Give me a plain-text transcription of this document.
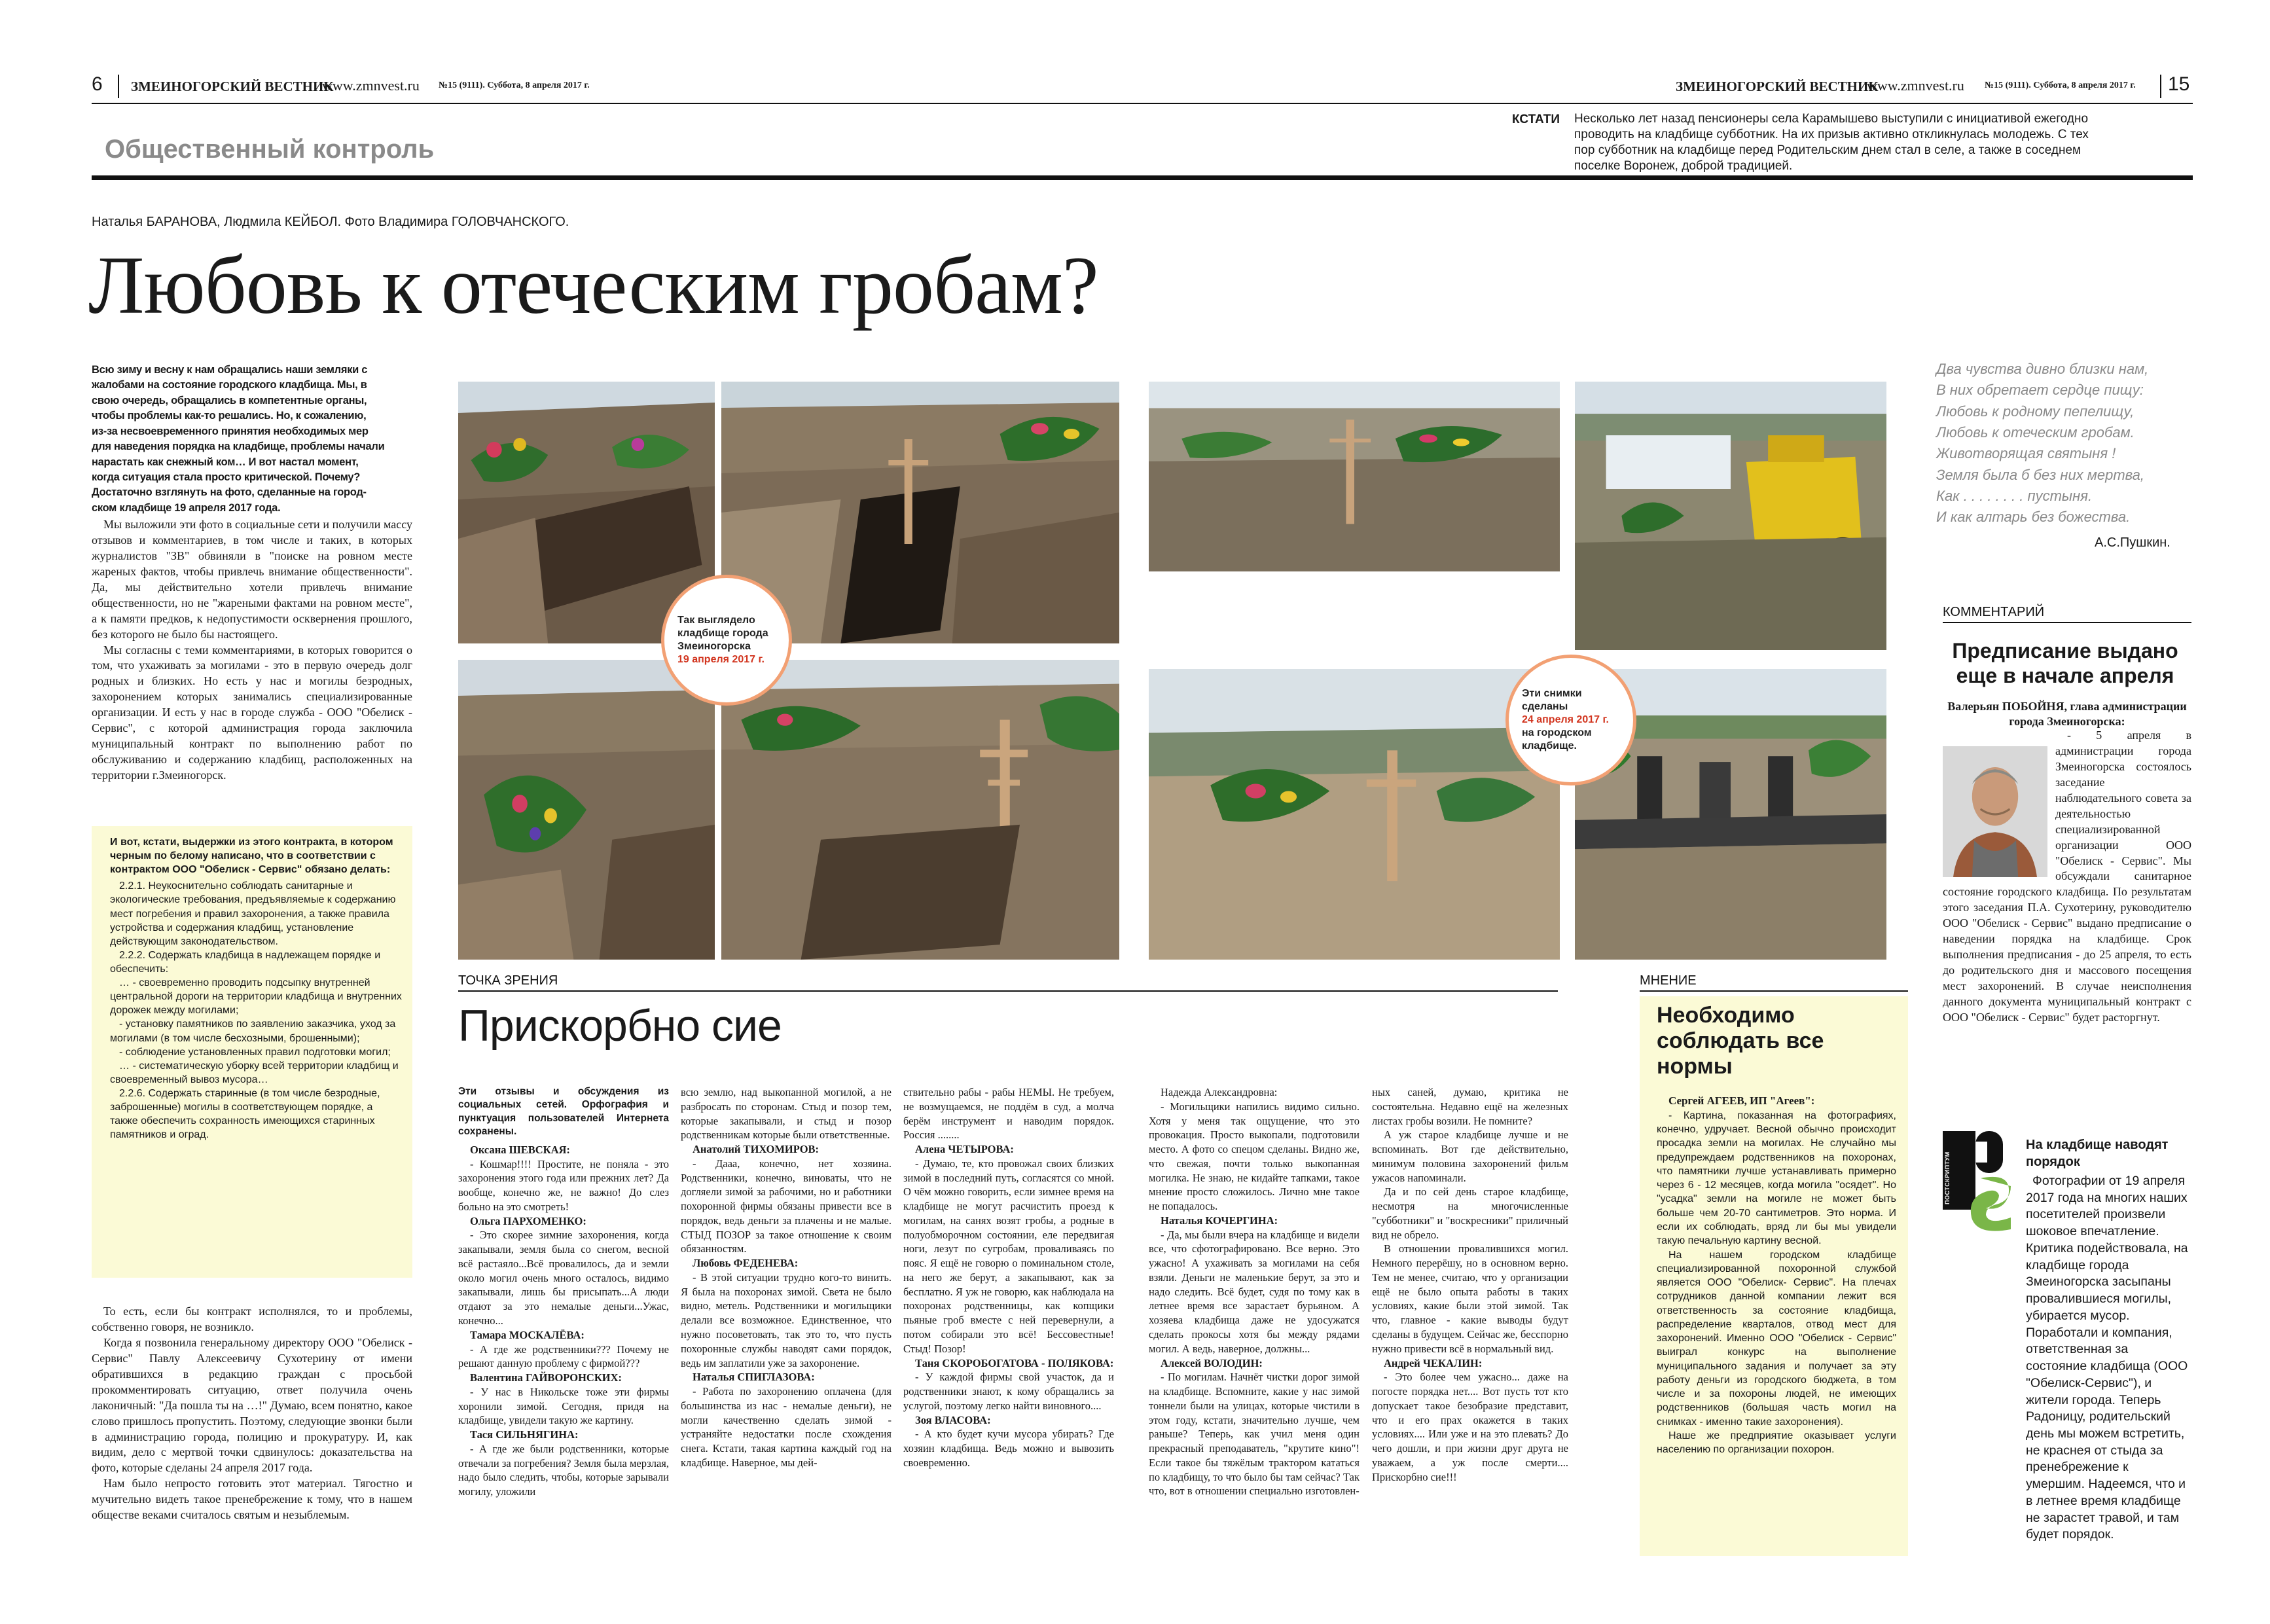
6 ЗМЕИНОГОРСКИЙ ВЕСТНИК
www.zmnvest.ru №15 (9111). Суббота, 8 апреля 2017 г.	ЗМЕИНОГОРСКИЙ ВЕСТНИК
www.zmnvest.ru №15 (9111). Суббота, 8 апреля 2017 г. 15
Общественный контроль
КСТАТИ Несколько лет назад пенсионеры села Карамышево выступили с инициативой ежегодно
проводить на кладбище субботник. На их призыв активно откликнулась молодежь. С тех
пор субботник на кладбище перед Родительским днем стал в селе, а также в соседнем
поселке Воронеж, доброй традицией.
Наталья БАРАНОВА, Людмила КЕЙБОЛ. Фото Владимира ГОЛОВЧАНСКОГО.
Любовь к отеческим гробам?
Всю зиму и весну к нам обращались наши земляки с
жалобами на состояние городского кладбища. Мы, в
свою очередь, обращались в компетентные органы,
чтобы проблемы как-то решались. Но, к сожалению,
из-за несвоевременного принятия необходимых мер
для наведения порядка на кладбище, проблемы начали
нарастать как снежный ком… И вот настал момент,
когда ситуация стала просто критической. Почему?
Достаточно взглянуть на фото, сделанные на город-
ском кладбище 19 апреля 2017 года.

Мы выложили эти фото в социальные сети и получили массу отзывов и комментариев, в том числе и таких, в которых журналистов "ЗВ" обвиняли в "поиске на ровном месте жареных фактов, чтобы привлечь внимание общественности". Да, мы действительно хотели привлечь внимание общественности, но не "жареными фактами на ровном месте", а к памяти предков, к недопустимости осквернения прошлого, без которого не было бы настоящего.

Мы согласны с теми комментариями, в которых говорится о том, что ухаживать за могилами - это в первую очередь долг родных и близких. Но есть у нас и могилы безродных, захоронением которых занимались специализированные организации. И есть у нас в городе служба - ООО "Обелиск - Сервис", с которой администрация города заключила муниципальный контракт по выполнению работ по обслуживанию и содержанию кладбищ, расположенных на территории г.Змеиногорск.

И вот, кстати, выдержки из этого контракта, в котором черным по белому написано, что в соответствии с контрактом ООО "Обелиск - Сервис" обязано делать:
2.2.1. Неукоснительно соблюдать санитарные и экологические требования, предъявляемые к содержанию мест погребения и правил захоронения, а также правила устройства и содержания кладбищ, установление действующим законодательством.
2.2.2. Содержать кладбища в надлежащем порядке и обеспечить:
… - своевременно проводить подсыпку внутренней центральной дороги на территории кладбища и внутренних дорожек между могилами;
- установку памятников по заявлению заказчика, уход за могилами (в том числе бесхозными, брошенными);
- соблюдение установленных правил подготовки могил;
… - систематическую уборку всей территории кладбищ и своевременный вывоз мусора…
2.2.6. Содержать старинные (в том числе безродные, заброшенные) могилы в соответствующем порядке, а также обеспечить сохранность имеющихся старинных памятников и оград.

То есть, если бы контракт исполнялся, то и проблемы, собственно говоря, не возникло.

Когда я позвонила генеральному директору ООО "Обелиск - Сервис" Павлу Алексеевичу Сухотерину от имени обратившихся в редакцию граждан с просьбой прокомментировать ситуацию, ответ получила очень лаконичный: "Да пошла ты на …!" Думаю, всем понятно, какое слово пришлось пропустить. Поэтому, следующие звонки были в администрацию города, полицию и прокуратуру. И, как видим, дело с мертвой точки сдвинулось: доказательства на фото, которые сделаны 24 апреля 2017 года.

Нам было непросто готовить этот материал. Тягостно и мучительно видеть такое пренебрежение к тому, что в нашем обществе веками считалось святым и незыблемым.

Так выглядело кладбище города Змеиногорска
19 апреля 2017 г.
Эти снимки сделаны
24 апреля 2017 г. на городском кладбище.
Два чувства дивно близки нам,
В них обретает сердце пищу:
Любовь к родному пепелищу,
Любовь к отеческим гробам.
Животворящая святыня !
Земля была б без них мертва,
Как . . . . . . . . пустыня.
И как алтарь без божества.
А.С.Пушкин.
КОММЕНТАРИЙ
Предписание выдано еще в начале апреля
Валерьян ПОБОЙНЯ, глава администрации города Змеиногорска:

- 5 апреля в администрации города Змеиногорска состоялось заседание наблюдательного совета за деятельностью специализированной организации ООО "Обелиск - Сервис". Мы обсуждали санитарное состояние городского кладбища. По результатам этого заседания П.А. Сухотерину, руководителю ООО "Обелиск - Сервис" выдано предписание о наведении порядка на кладбище. Срок выполнения предписания - до 25 апреля, то есть до родительского дня и массового посещения мест захоронений. В случае неисполнения данного документа муниципальный контракт с ООО "Обелиск - Сервис" будет расторгнут.

ТОЧКА ЗРЕНИЯ
Прискорбно сие

Эти отзывы и обсуждения из социальных сетей. Орфография и пунктуация пользователей Интернета сохранены.

Оксана ШЕВСКАЯ:

- Кошмар!!!! Простите, не поняла - это захоронения этого года или прежних лет? Да вообще, конечно же, не важно! До слез больно на это смотреть!

Ольга ПАРХОМЕНКО:

- Это скорее зимние захоронения, когда закапывали, земля была со снегом, весной всё растаяло...Всё провалилось, да и земли около могил очень много осталось, видимо закапывали, лишь бы присыпать...А люди отдают за это немалые деньги...Ужас, конечно...

Тамара МОСКАЛЁВА:

- А где же родственники??? Почему не решают данную проблему с фирмой???

Валентина ГАЙВОРОНСКИХ:

- У нас в Никольске тоже эти фирмы хоронили зимой. Сегодня, придя на кладбище, увидели такую же картину.

Тася СИЛЬНЯГИНА:

- А где же были родственники, которые отвечали за погребения? Земля была мерзлая, надо было следить, чтобы, которые зарывали могилу, уложили

всю землю, над выкопанной могилой, а не разбросать по сторонам. Стыд и позор тем, которые закапывали, и стыд и позор родственникам которые были ответственные.

Анатолий ТИХОМИРОВ:

- Дааа, конечно, нет хозяина. Родственники, конечно, виноваты, что не догляели зимой за рабочими, но и работники похоронной фирмы обязаны привести все в порядок, ведь деньги за плачены и не малые. СТЫД ПОЗОР за такое отношение к своим обязанностям.

Любовь ФЕДЕНЕВА:

- В этой ситуации трудно кого-то винить. Я была на похоронах зимой. Света не было видно, метель. Родственники и могильщики делали все возможное. Единственное, что нужно посоветовать, так это то, что пусть похоронные службы наводят сами порядок, ведь им заплатили уже за захоронение.

Наталья СПИГЛАЗОВА:

- Работа по захоронению оплачена (для большинства из нас - немалые деньги), не могли качественно сделать зимой - устраняйте недостатки после схождения снега. Кстати, такая картина каждый год на кладбище. Наверное, мы дей-

ствительно рабы - рабы НЕМЫ. Не требуем, не возмущаемся, не поддём в суд, а молча берём инструмент и наводим порядок. Россия ........

Алена ЧЕТЫРОВА:

- Думаю, те, кто провожал своих близких зимой в последний путь, согласятся со мной. О чём можно говорить, если зимнее время на кладбище не могут расчистить проезд к могилам, на санях возят гробы, а родные в полуобморочном состоянии, еле передвигая ноги, лезут по сугробам, проваливаясь по пояс. Я ещё не говорю о поминальном столе, на него же берут, а закапывают, как за бесплатно. Я уж не говорю, как наблюдала на похоронах родственницы, как копщики пьяные гроб вместе с ней перевернули, а потом собирали это всё! Бессовестные! Стыд! Позор!

Таня СКОРОБОГАТОВА - ПОЛЯКОВА:

- У каждой фирмы свой участок, да и родственники знают, к кому обращались за услугой, поэтому легко найти виновного....

Зоя ВЛАСОВА:

- А кто будет кучи мусора убирать? Где хозяин кладбища. Ведь можно и вывозить своевременно.

Надежда Александровна:

- Могильщики напились видимо сильно. Хотя у меня так ощущение, что это провокация. Просто выкопали, подготовили место. А фото со спецом сделаны. Видно же, что свежая, почти только выкопанная могилка. Не знаю, не кидайте тапками, такое мнение просто сложилось. Лично мне такое не попадалось.

Наталья КОЧЕРГИНА:

- Да, мы были вчера на кладбище и видели все, что сфотографировано. Все верно. Это ужасно! А ухаживать за могилами на себя взяли. Деньги не маленькие берут, за это и надо следить. Всё будет, судя по тому как в летнее время все зарастает бурьяном. А хозяева кладбища даже не удосужатся сделать прокосы хотя бы между рядами могил. А ведь, наверное, должны...

Алексей ВОЛОДИН:

- По могилам. Начнёт чистки дорог зимой на кладбище. Вспомните, какие у нас зимой тоннели были на улицах, которые чистили в этом году, кстати, значительно лучше, чем раньше? Теперь, как учил меня один прекрасный преподаватель, "крутите кино"! Если такое бы тяжёлым трактором кататься по кладбищу, то что было бы там сейчас? Так что, вот в отношении специально изготовлен-

ных саней, думаю, критика не состоятельна. Недавно ещё на железных листах гробы возили. Не помните?

А уж старое кладбище лучше и не вспоминать. Вот где действительно, минимум половина захоронений фильм ужасов напоминали.

Да и по сей день старое кладбище, несмотря на многочисленные "субботники" и "воскресники" приличный вид не обрело.

В отношении провалившихся могил. Немного перерёшу, но в основном верно. Тем не менее, считаю, что у организации ещё не было опыта работы в таких условиях, какие были этой зимой. Так что, главное - какие выводы будут сделаны в будущем. Сейчас же, бесспорно нужно привести всё в нормальный вид.

Андрей ЧЕКАЛИН:

- Это более чем ужасно... даже на погосте порядка нет.... Вот пусть тот кто допускает такое безобразие представит, что и его прах окажется в таких условиях.... Или уже и на это плевать? До чего дошли, и при жизни друг друга не уважаем, а уж после смерти.... Прискорбно сие!!!

МНЕНИЕ
Необходимо соблюдать все нормы

Сергей АГЕЕВ, ИП "Агеев":

- Картина, показанная на фотографиях, конечно, удручает. Весной обычно происходит просадка земли на могилах. Не случайно мы предупреждаем родственников на похоронах, что памятники лучше устанавливать примерно через 6 - 12 месяцев, когда могила "осядет". Но "усадка" земли на могиле не может быть больше чем 20-70 сантиметров. Это норма. И если их соблюдать, вряд ли бы мы увидели такую печальную картину весной.

На нашем городском кладбище специализированной похоронной службой является ООО "Обелиск- Сервис". На плечах сотрудников данной компании лежит вся ответственность за состояние кладбища, распределение кварталов, отвод мест для захоронений. Именно ООО "Обелиск - Сервис" выиграл конкурс на выполнение муниципального задания и получает за эту работу деньги из городского бюджета, в том числе и за похороны людей, не имеющих родственников (большая часть могил на снимках - именно такие захоронения).

Наше же предприятие оказывает услуги населению по организации похорон.

ПОСТСКРИПТУМ
На кладбище наводят порядок
Фотографии от 19 апреля 2017 года на многих наших посетителей произвели шоковое впечатление. Критика подействовала, на кладбище города Змеиногорска засыпаны провалившиеся могилы, убирается мусор. Поработали и компания, ответственная за состояние кладбища (ООО "Обелиск-Сервис"), и жители города. Теперь Радоницу, родительский день мы можем встретить, не краснея от стыда за пренебрежение к умершим. Надеемся, что и в летнее время кладбище не зарастет травой, и там будет порядок.
